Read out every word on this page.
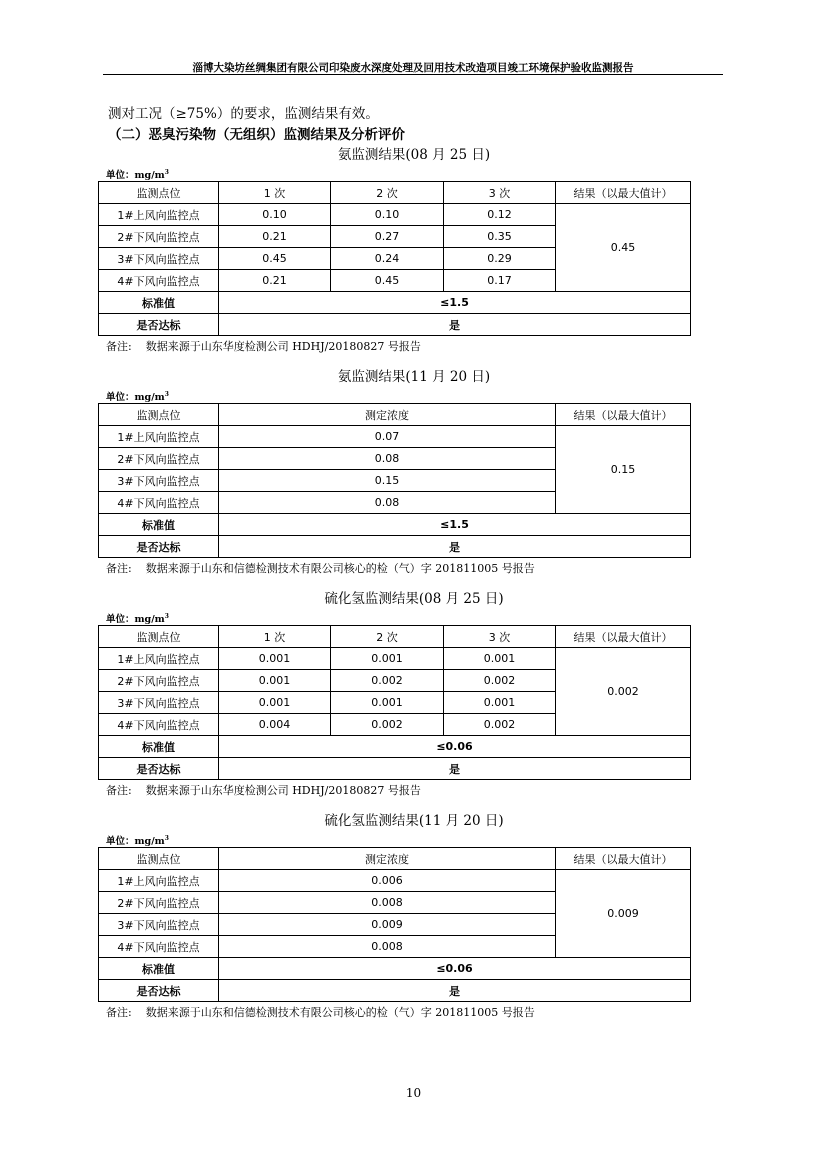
淄博大染坊丝绸集团有限公司印染废水深度处理及回用技术改造项目竣工环境保护验收监测报告
测对工况（≥75%）的要求，监测结果有效。
（二）恶臭污染物（无组织）监测结果及分析评价
氨监测结果(08 月 25 日)
单位：$mg/m^3$
监测点位	1 次	2 次	3 次	结果（以最大值计）
1#上风向监控点	0.10	0.10	0.12	0.45
2#下风向监控点	0.21	0.27	0.35	
3#下风向监控点	0.45	0.24	0.29	
4#下风向监控点	0.21	0.45	0.17	
标准值	≤1.5			
是否达标	是			
备注: 数据来源于山东华度检测公司 HDHJ/20180827 号报告
氨监测结果(11 月 20 日)
单位：$mg/m^3$
监测点位	测定浓度	结果（以最大值计）
1#上风向监控点	0.07	0.15
2#下风向监控点	0.08	
3#下风向监控点	0.15	
4#下风向监控点	0.08	
标准值	≤1.5	
是否达标	是	
备注: 数据来源于山东和信德检测技术有限公司核心的检（气）字 201811005 号报告
硫化氢监测结果(08 月 25 日)
单位：$mg/m^3$
监测点位	1 次	2 次	3 次	结果（以最大值计）
1#上风向监控点	0.001	0.001	0.001	0.002
2#下风向监控点	0.001	0.002	0.002	
3#下风向监控点	0.001	0.001	0.001	
4#下风向监控点	0.004	0.002	0.002	
标准值	≤0.06			
是否达标	是			
备注: 数据来源于山东华度检测公司 HDHJ/20180827 号报告
硫化氢监测结果(11 月 20 日)
单位：$mg/m^3$
监测点位	测定浓度	结果（以最大值计）
1#上风向监控点	0.006	0.009
2#下风向监控点	0.008	
3#下风向监控点	0.009	
4#下风向监控点	0.008	
标准值	≤0.06	
是否达标	是	
备注: 数据来源于山东和信德检测技术有限公司核心的检（气）字 201811005 号报告
10
